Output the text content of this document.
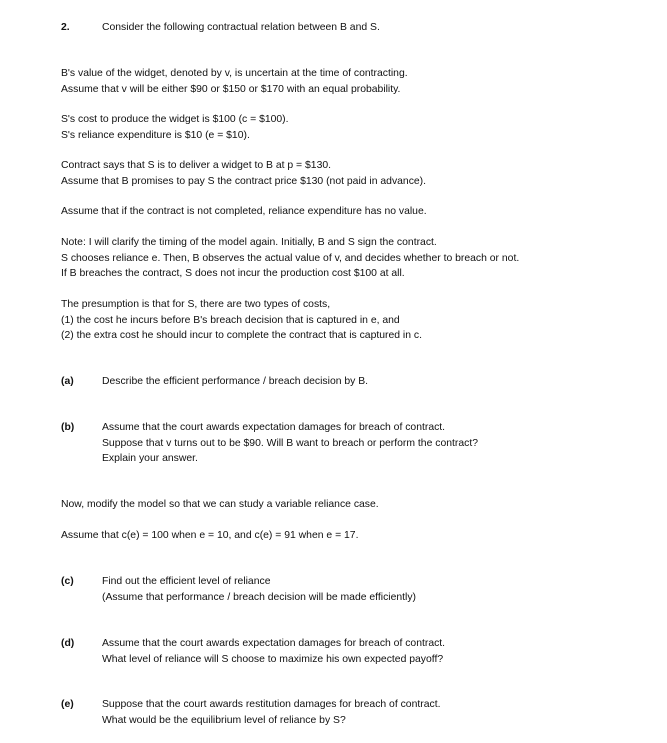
2.	Consider the following contractual relation between B and S.
B's value of the widget, denoted by v, is uncertain at the time of contracting.
Assume that v will be either $90 or $150 or $170 with an equal probability.
S's cost to produce the widget is $100 (c = $100).
S's reliance expenditure is $10 (e = $10).
Contract says that S is to deliver a widget to B at p = $130.
Assume that B promises to pay S the contract price $130 (not paid in advance).
Assume that if the contract is not completed, reliance expenditure has no value.
Note: I will clarify the timing of the model again. Initially, B and S sign the contract.
S chooses reliance e. Then, B observes the actual value of v, and decides whether to breach or not.
If B breaches the contract, S does not incur the production cost $100 at all.
The presumption is that for S, there are two types of costs,
(1) the cost he incurs before B's breach decision that is captured in e, and
(2) the extra cost he should incur to complete the contract that is captured in c.
(a)	Describe the efficient performance / breach decision by B.
(b)	Assume that the court awards expectation damages for breach of contract.
Suppose that v turns out to be $90. Will B want to breach or perform the contract?
Explain your answer.
Now, modify the model so that we can study a variable reliance case.
Assume that c(e) = 100 when e = 10, and c(e) = 91 when e = 17.
(c)	Find out the efficient level of reliance
(Assume that performance / breach decision will be made efficiently)
(d)	Assume that the court awards expectation damages for breach of contract.
What level of reliance will S choose to maximize his own expected payoff?
(e)	Suppose that the court awards restitution damages for breach of contract.
What would be the equilibrium level of reliance by S?
